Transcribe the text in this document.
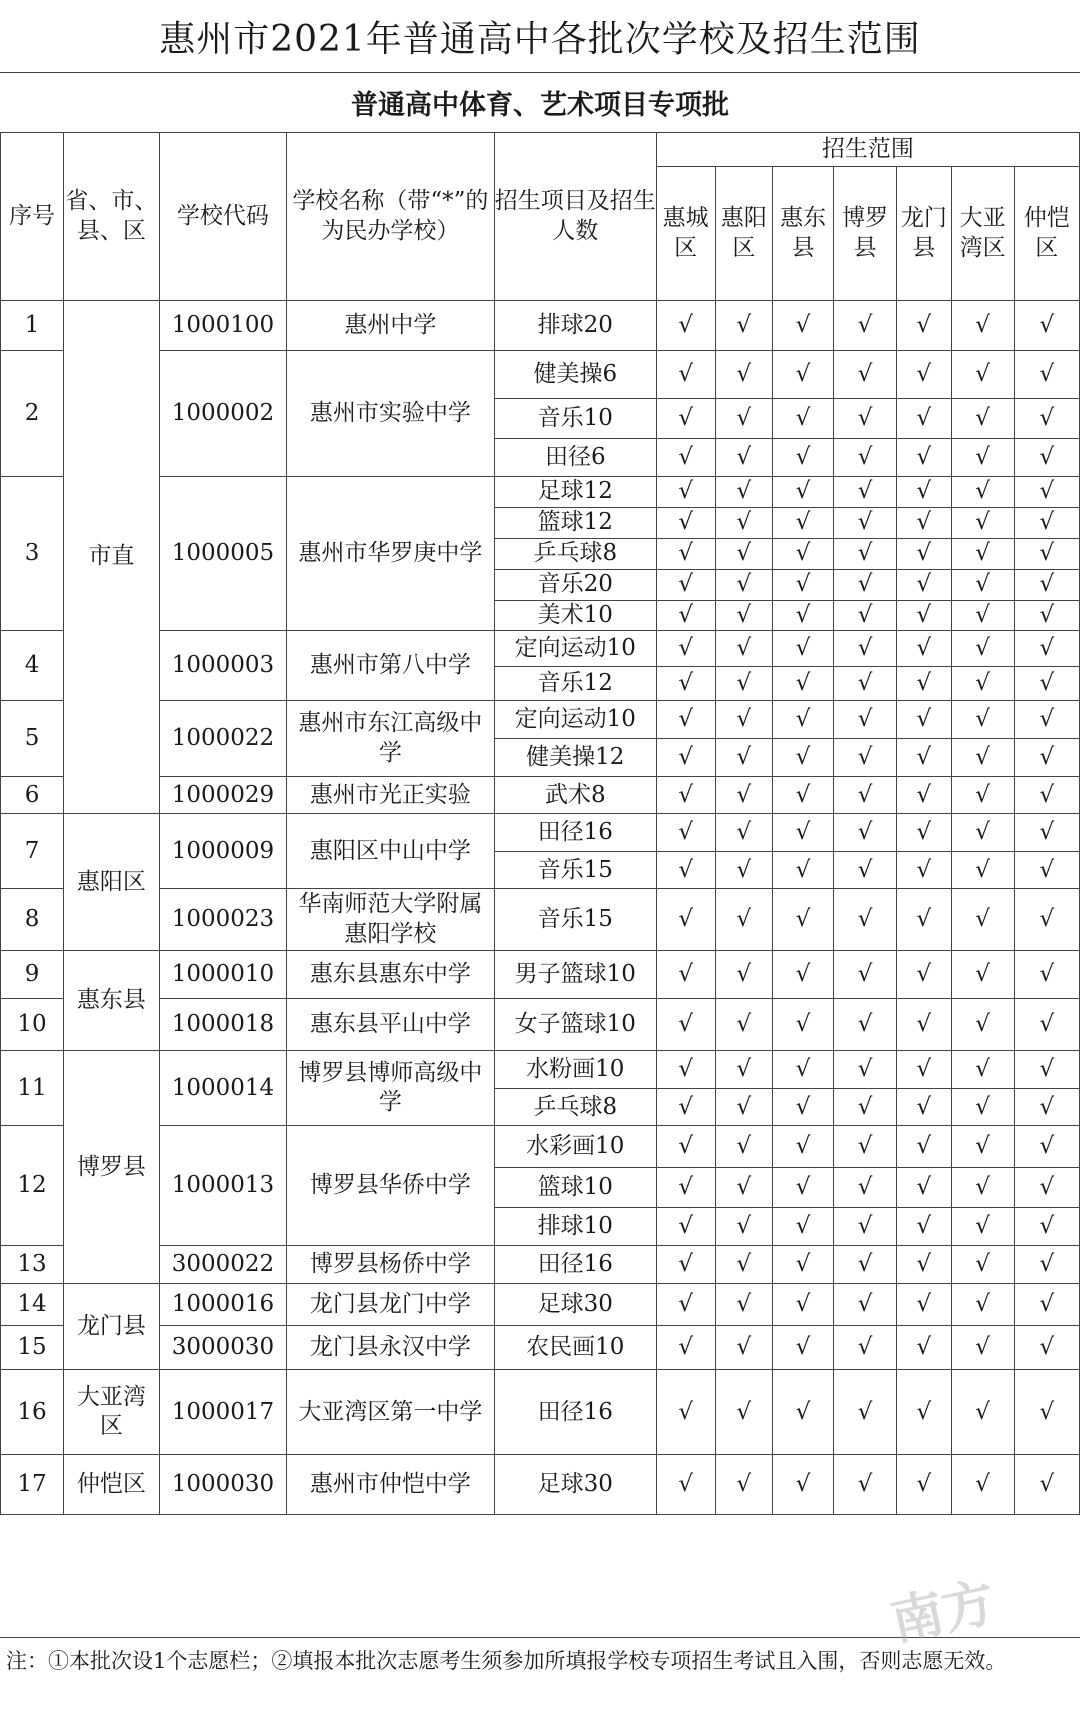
惠州市2021年普通高中各批次学校及招生范围
普通高中体育、艺术项目专项批
序号	省、市、县、区	学校代码	学校名称（带“*”的为民办学校）	招生项目及招生人数	招生范围						
					惠城区	惠阳区	惠东县	博罗县	龙门县	大亚湾区	仲恺区
1	市直	1000100	惠州中学	排球20	√	√	√	√	√	√	√
2		1000002	惠州市实验中学	健美操6	√	√	√	√	√	√	√
				音乐10	√	√	√	√	√	√	√
				田径6	√	√	√	√	√	√	√
3		1000005	惠州市华罗庚中学	足球12	√	√	√	√	√	√	√
				篮球12	√	√	√	√	√	√	√
				乒乓球8	√	√	√	√	√	√	√
				音乐20	√	√	√	√	√	√	√
				美术10	√	√	√	√	√	√	√
4		1000003	惠州市第八中学	定向运动10	√	√	√	√	√	√	√
				音乐12	√	√	√	√	√	√	√
5		1000022	惠州市东江高级中学	定向运动10	√	√	√	√	√	√	√
				健美操12	√	√	√	√	√	√	√
6		1000029	惠州市光正实验	武术8	√	√	√	√	√	√	√
7	惠阳区	1000009	惠阳区中山中学	田径16	√	√	√	√	√	√	√
				音乐15	√	√	√	√	√	√	√
8		1000023	华南师范大学附属惠阳学校	音乐15	√	√	√	√	√	√	√
9	惠东县	1000010	惠东县惠东中学	男子篮球10	√	√	√	√	√	√	√
10		1000018	惠东县平山中学	女子篮球10	√	√	√	√	√	√	√
11	博罗县	1000014	博罗县博师高级中学	水粉画10	√	√	√	√	√	√	√
				乒乓球8	√	√	√	√	√	√	√
12		1000013	博罗县华侨中学	水彩画10	√	√	√	√	√	√	√
				篮球10	√	√	√	√	√	√	√
				排球10	√	√	√	√	√	√	√
13		3000022	博罗县杨侨中学	田径16	√	√	√	√	√	√	√
14	龙门县	1000016	龙门县龙门中学	足球30	√	√	√	√	√	√	√
15		3000030	龙门县永汉中学	农民画10	√	√	√	√	√	√	√
16	大亚湾区	1000017	大亚湾区第一中学	田径16	√	√	√	√	√	√	√
17	仲恺区	1000030	惠州市仲恺中学	足球30	√	√	√	√	√	√	√
注：①本批次设1个志愿栏；②填报本批次志愿考生须参加所填报学校专项招生考试且入围，否则志愿无效。
南方
